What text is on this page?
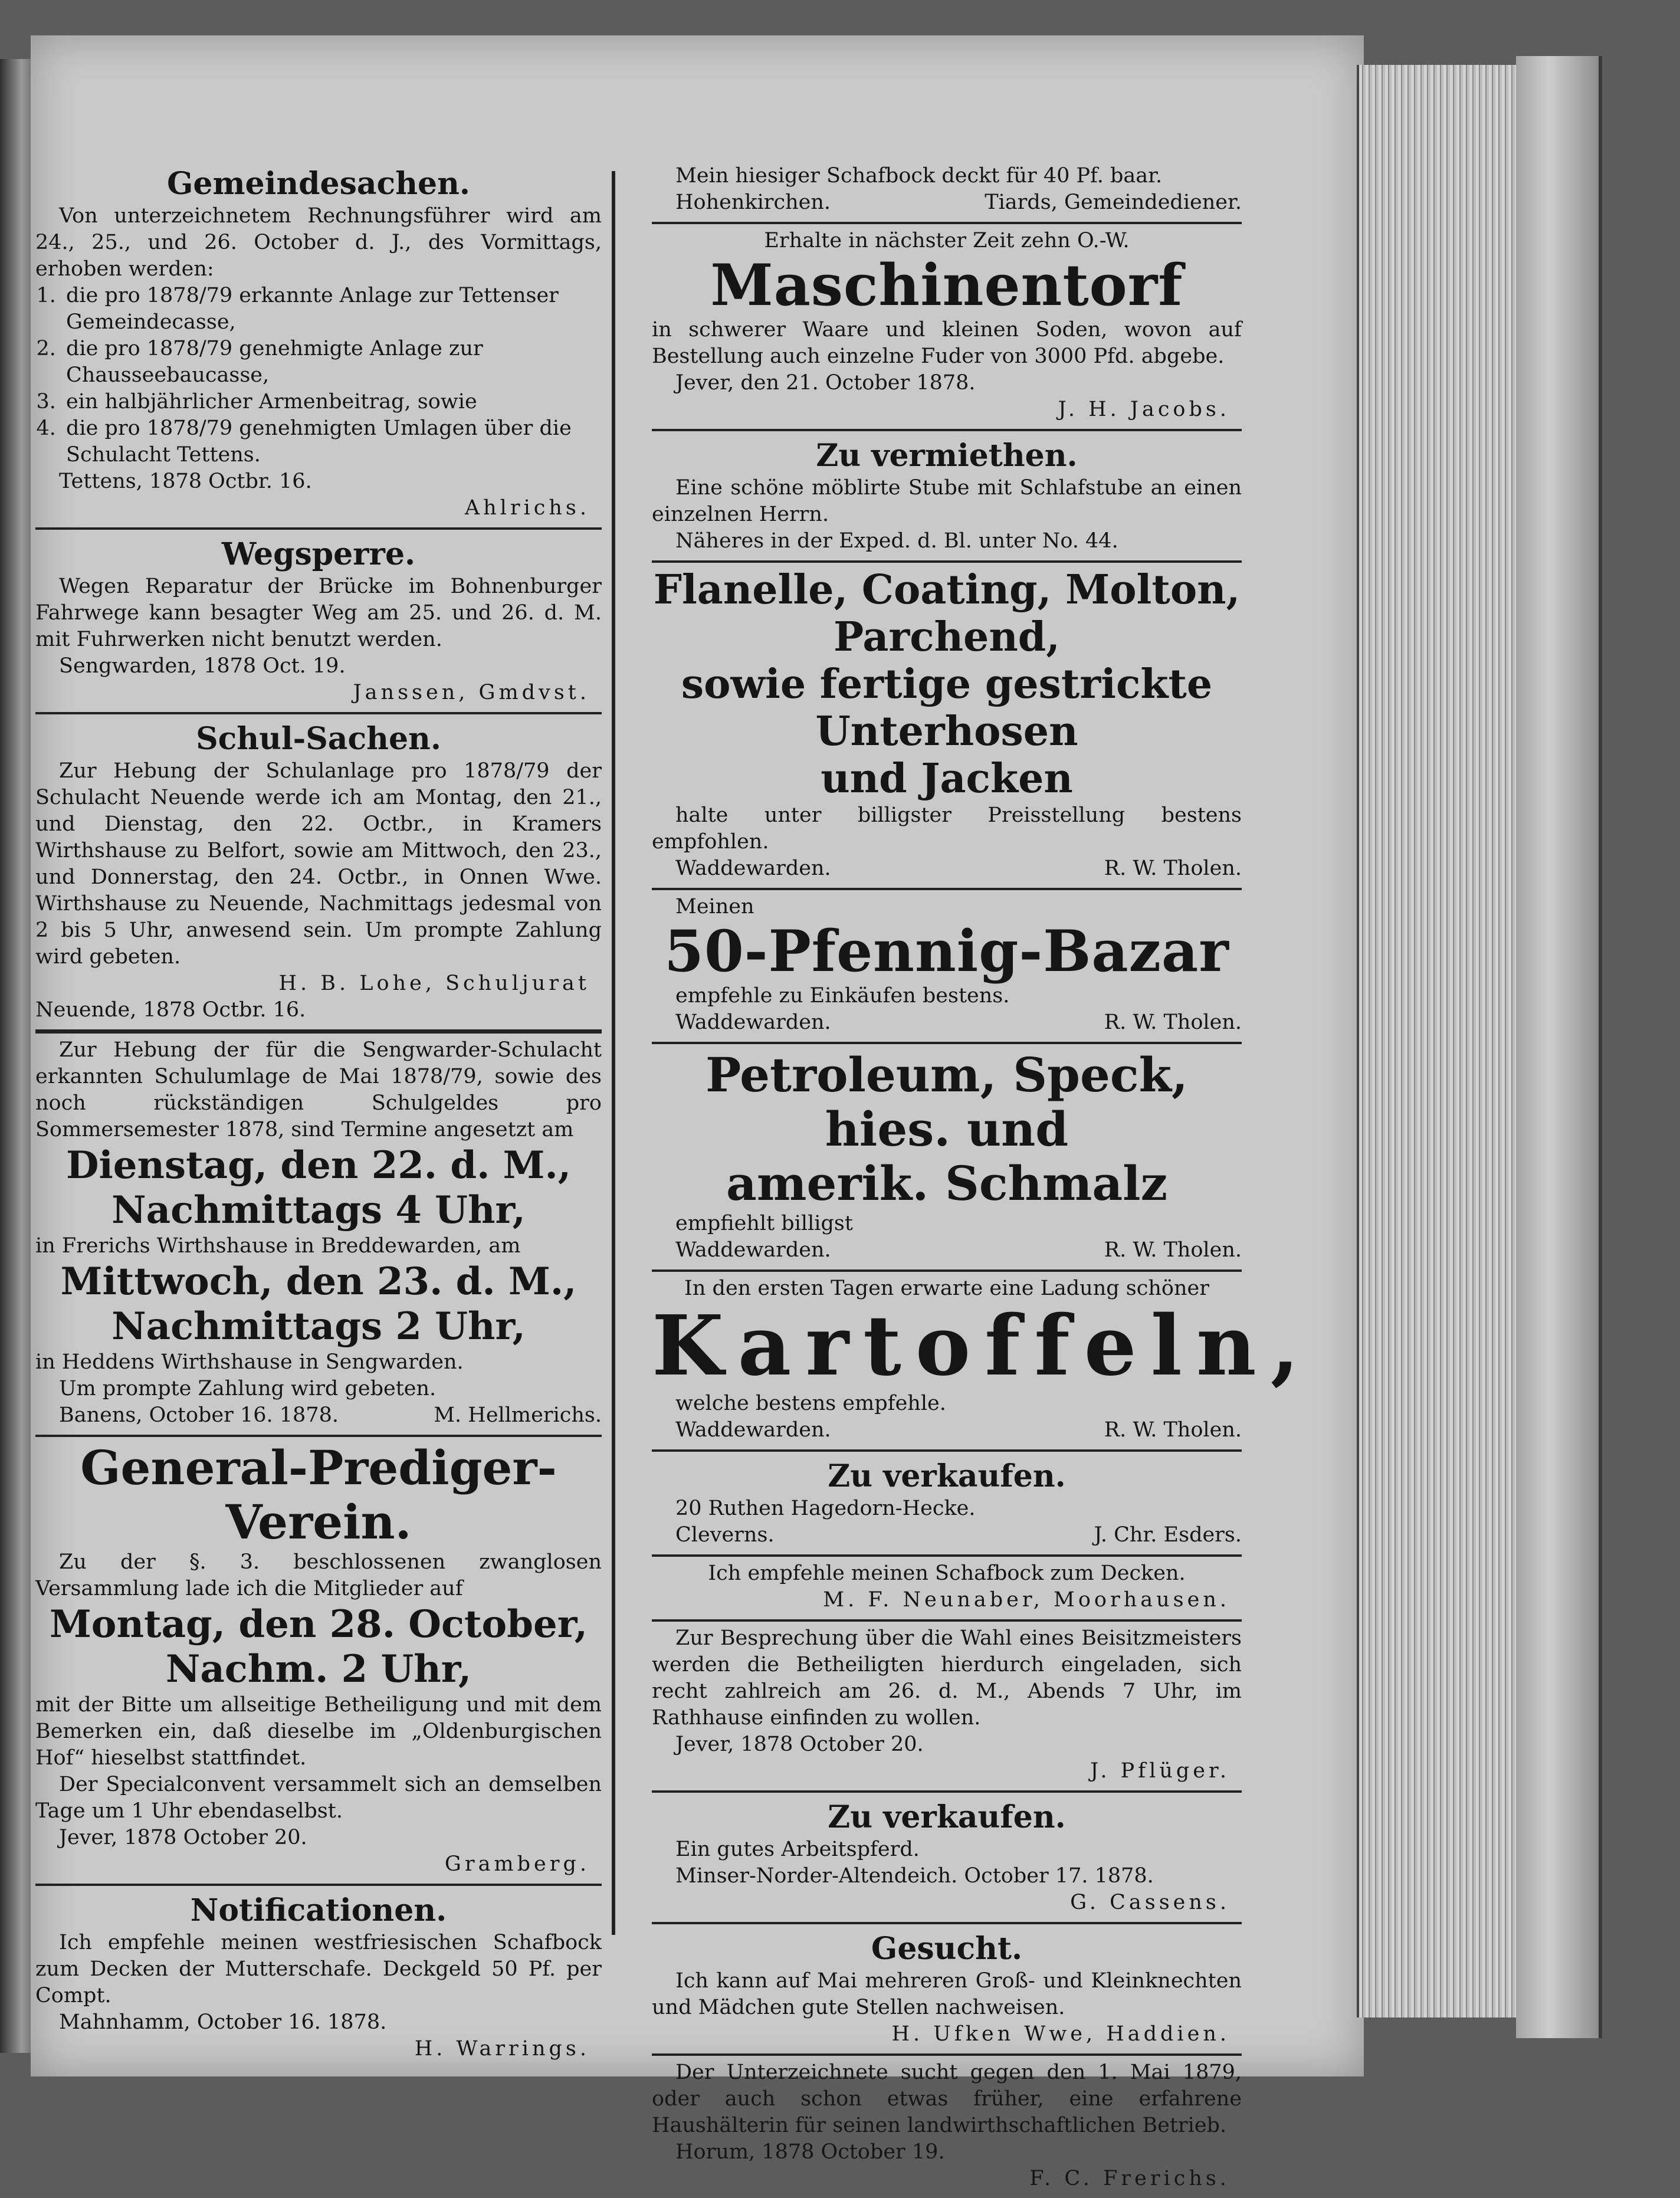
Gemeindesachen.

Von unterzeichnetem Rechnungsführer wird am 24., 25., und 26. October d. J., des Vormittags, erhoben werden:

1. die pro 1878/79 erkannte Anlage zur Tettenser Gemeindecasse,
2. die pro 1878/79 genehmigte Anlage zur Chausseebaucasse,
3. ein halbjährlicher Armenbeitrag, sowie
4. die pro 1878/79 genehmigten Umlagen über die Schulacht Tettens.

Tettens, 1878 Octbr. 16.

Ahlrichs.
Wegsperre.

Wegen Reparatur der Brücke im Bohnenburger Fahrwege kann besagter Weg am 25. und 26. d. M. mit Fuhrwerken nicht benutzt werden.

Sengwarden, 1878 Oct. 19.

Janssen, Gmdvst.
Schul-Sachen.

Zur Hebung der Schulanlage pro 1878/79 der Schulacht Neuende werde ich am Montag, den 21., und Dienstag, den 22. Octbr., in Kramers Wirthshause zu Belfort, sowie am Mittwoch, den 23., und Donnerstag, den 24. Octbr., in Onnen Wwe. Wirthshause zu Neuende, Nachmittags jedesmal von 2 bis 5 Uhr, anwesend sein. Um prompte Zahlung wird gebeten.

H. B. Lohe, Schuljurat

Neuende, 1878 Octbr. 16.

Zur Hebung der für die Sengwarder-Schulacht erkannten Schulumlage de Mai 1878/79, sowie des noch rückständigen Schulgeldes pro Sommersemester 1878, sind Termine angesetzt am

Dienstag, den 22. d. M.,
Nachmittags 4 Uhr,

in Frerichs Wirthshause in Breddewarden, am

Mittwoch, den 23. d. M.,
Nachmittags 2 Uhr,

in Heddens Wirthshause in Sengwarden.

Um prompte Zahlung wird gebeten.

Banens, October 16. 1878.	M. Hellmerichs.
General-Prediger-Verein.

Zu der §. 3. beschlossenen zwanglosen Versammlung lade ich die Mitglieder auf

Montag, den 28. October,
Nachm. 2 Uhr,

mit der Bitte um allseitige Betheiligung und mit dem Bemerken ein, daß dieselbe im „Oldenburgischen Hof“ hieselbst stattfindet.

Der Specialconvent versammelt sich an demselben Tage um 1 Uhr ebendaselbst.

Jever, 1878 October 20.

Gramberg.
Notificationen.

Ich empfehle meinen westfriesischen Schafbock zum Decken der Mutterschafe. Deckgeld 50 Pf. per Compt.

Mahnhamm, October 16. 1878.

H. Warrings.

Mein hiesiger Schafbock deckt für 40 Pf. baar.

Hohenkirchen.	Tiards, Gemeindediener.
Erhalte in nächster Zeit zehn O.-W.
Maschinentorf

in schwerer Waare und kleinen Soden, wovon auf Bestellung auch einzelne Fuder von 3000 Pfd. abgebe.

Jever, den 21. October 1878.

J. H. Jacobs.
Zu vermiethen.

Eine schöne möblirte Stube mit Schlafstube an einen einzelnen Herrn.

Näheres in der Exped. d. Bl. unter No. 44.

Flanelle, Coating, Molton, Parchend,
sowie fertige gestrickte Unterhosen
und Jacken

halte unter billigster Preisstellung bestens empfohlen.

Waddewarden.	R. W. Tholen.

Meinen

50-Pfennig-Bazar

empfehle zu Einkäufen bestens.

Waddewarden.	R. W. Tholen.
Petroleum, Speck, hies. und
amerik. Schmalz

empfiehlt billigst

Waddewarden.	R. W. Tholen.
In den ersten Tagen erwarte eine Ladung schöner
Kartoffeln,

welche bestens empfehle.

Waddewarden.	R. W. Tholen.
Zu verkaufen.

20 Ruthen Hagedorn-Hecke.

Cleverns.	J. Chr. Esders.
Ich empfehle meinen Schafbock zum Decken.
M. F. Neunaber, Moorhausen.

Zur Besprechung über die Wahl eines Beisitzmeisters werden die Betheiligten hierdurch eingeladen, sich recht zahlreich am 26. d. M., Abends 7 Uhr, im Rathhause einfinden zu wollen.

Jever, 1878 October 20.

J. Pflüger.
Zu verkaufen.

Ein gutes Arbeitspferd.

Minser-Norder-Altendeich. October 17. 1878.

G. Cassens.
Gesucht.

Ich kann auf Mai mehreren Groß- und Kleinknechten und Mädchen gute Stellen nachweisen.

H. Ufken Wwe, Haddien.

Der Unterzeichnete sucht gegen den 1. Mai 1879, oder auch schon etwas früher, eine erfahrene Haushälterin für seinen landwirthschaftlichen Betrieb.

Horum, 1878 October 19.

F. C. Frerichs.
